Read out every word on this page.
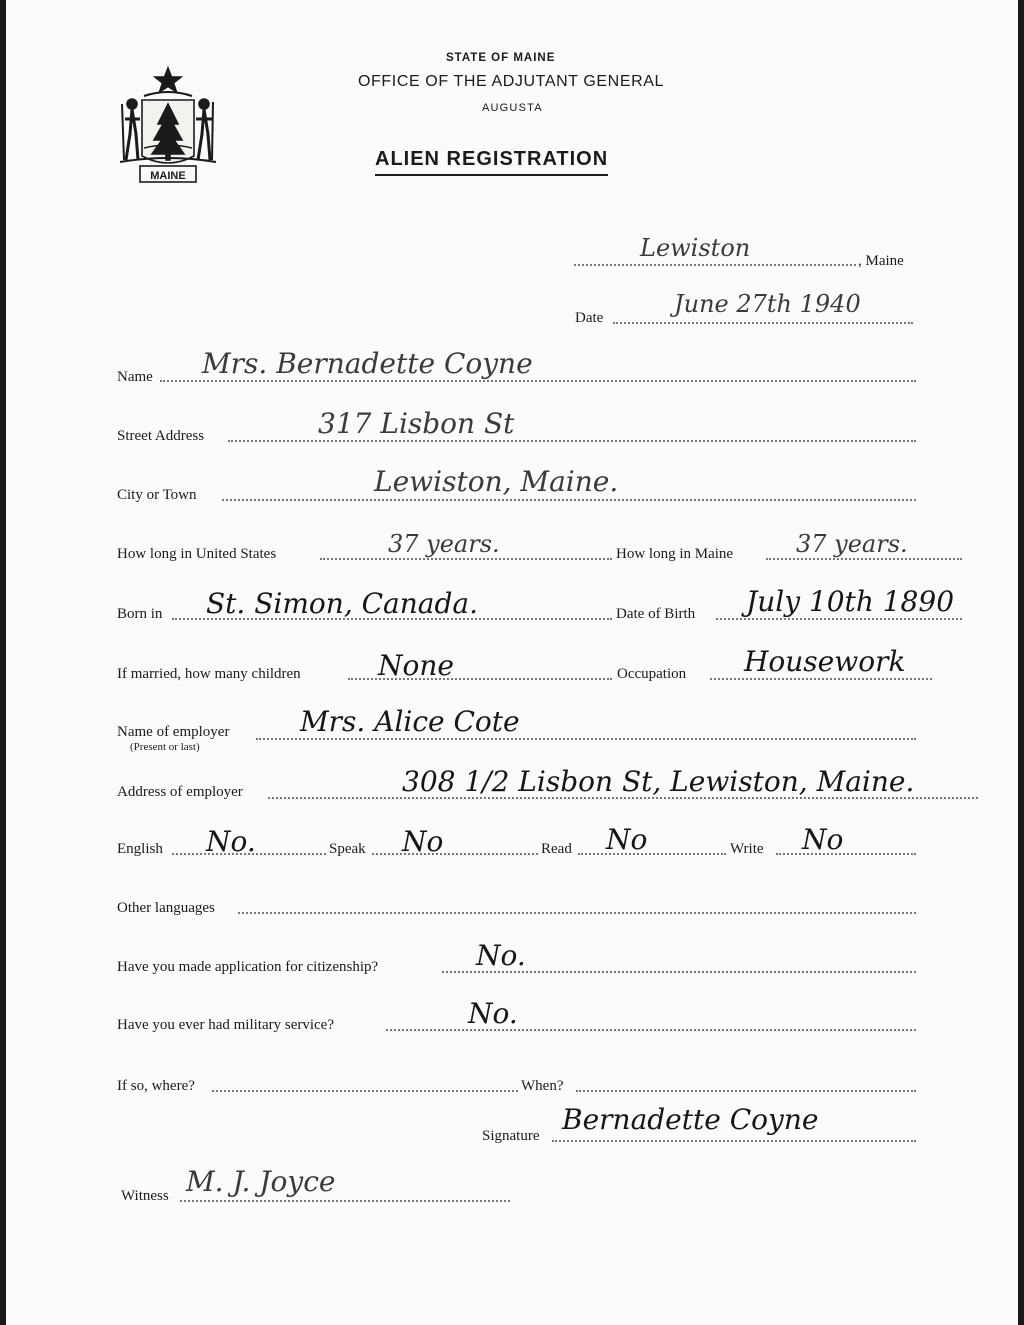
MAINE
STATE OF MAINE
OFFICE OF THE ADJUTANT GENERAL
AUGUSTA
ALIEN REGISTRATION
Lewiston	, Maine
Date	June 27th 1940
Name Mrs. Bernadette Coyne
Street Address	317 Lisbon St
City or Town	Lewiston, Maine.
How long in United States	37 years.	How long in Maine	37 years.
Born in St. Simon, Canada.	Date of Birth July 10th 1890
If married, how many children	None	Occupation Housework
Name of employer
(Present or last)
Mrs. Alice Cote
Address of employer	308 1/2 Lisbon St, Lewiston, Maine.
English No.	Speak No	Read No	Write No
Other languages
Have you made application for citizenship?	No.
Have you ever had military service?	No.
If so, where?	When?
Signature Bernadette Coyne
Witness M. J. Joyce
